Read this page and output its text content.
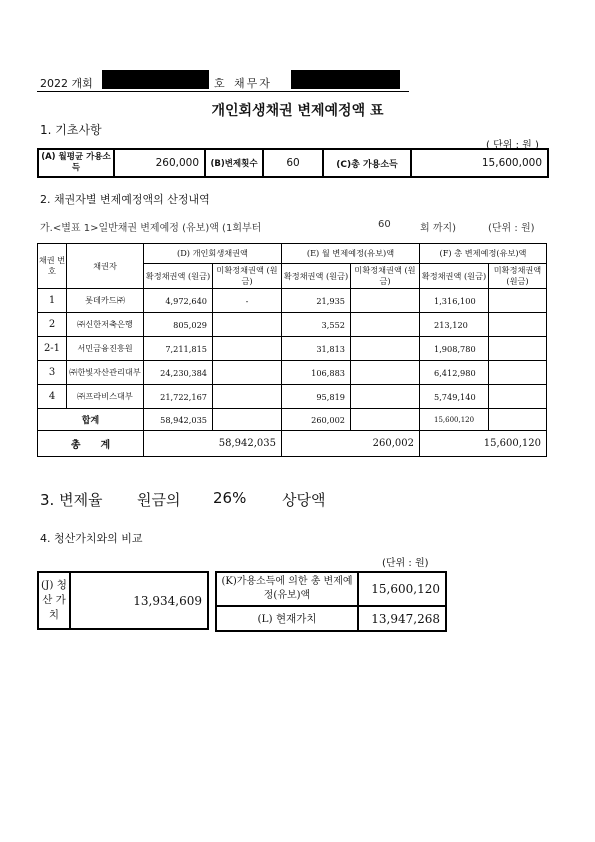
2022 개회	호 채무자
개인회생채권 변제예정액 표
1. 기초사항
( 단위 : 원 )
(A) 월평균 가용소득	260,000	(B)변제횟수	60	(C)총 가용소득	15,600,000
2. 채권자별 변제예정액의 산정내역
가.<별표 1>일반채권 변제예정 (유보)액 (1회부터	60	회 까지)	(단위 : 원)
채권 번호	채권자	(D) 개인회생채권액		(E) 월 변제예정(유보)액		(F) 총 변제예정(유보)액	
		확정채권액 (원금)	미확정채권액 (원금)	확정채권액 (원금)	미확정채권액 (원금)	확정채권액 (원금)	미확정채권액 (원금)
1	롯데카드㈜	4,972,640	-	21,935		1,316,100	
2	㈜신한저축은행	805,029		3,552		213,120	
2-1	서민금융진흥원	7,211,815		31,813		1,908,780	
3	㈜한빛자산관리대부	24,230,384		106,883		6,412,980	
4	㈜프라비스대부	21,722,167		95,819		5,749,140	
합계		58,942,035		260,002		15,600,120	
총　　계		58,942,035		260,002		15,600,120	
3. 변제율 원금의 26% 상당액
4. 청산가치와의 비교
(단위 : 원)
(J) 청산 가치	13,934,609
(K)가용소득에 의한 총 변제예정(유보)액	15,600,120
(L) 현재가치	13,947,268
